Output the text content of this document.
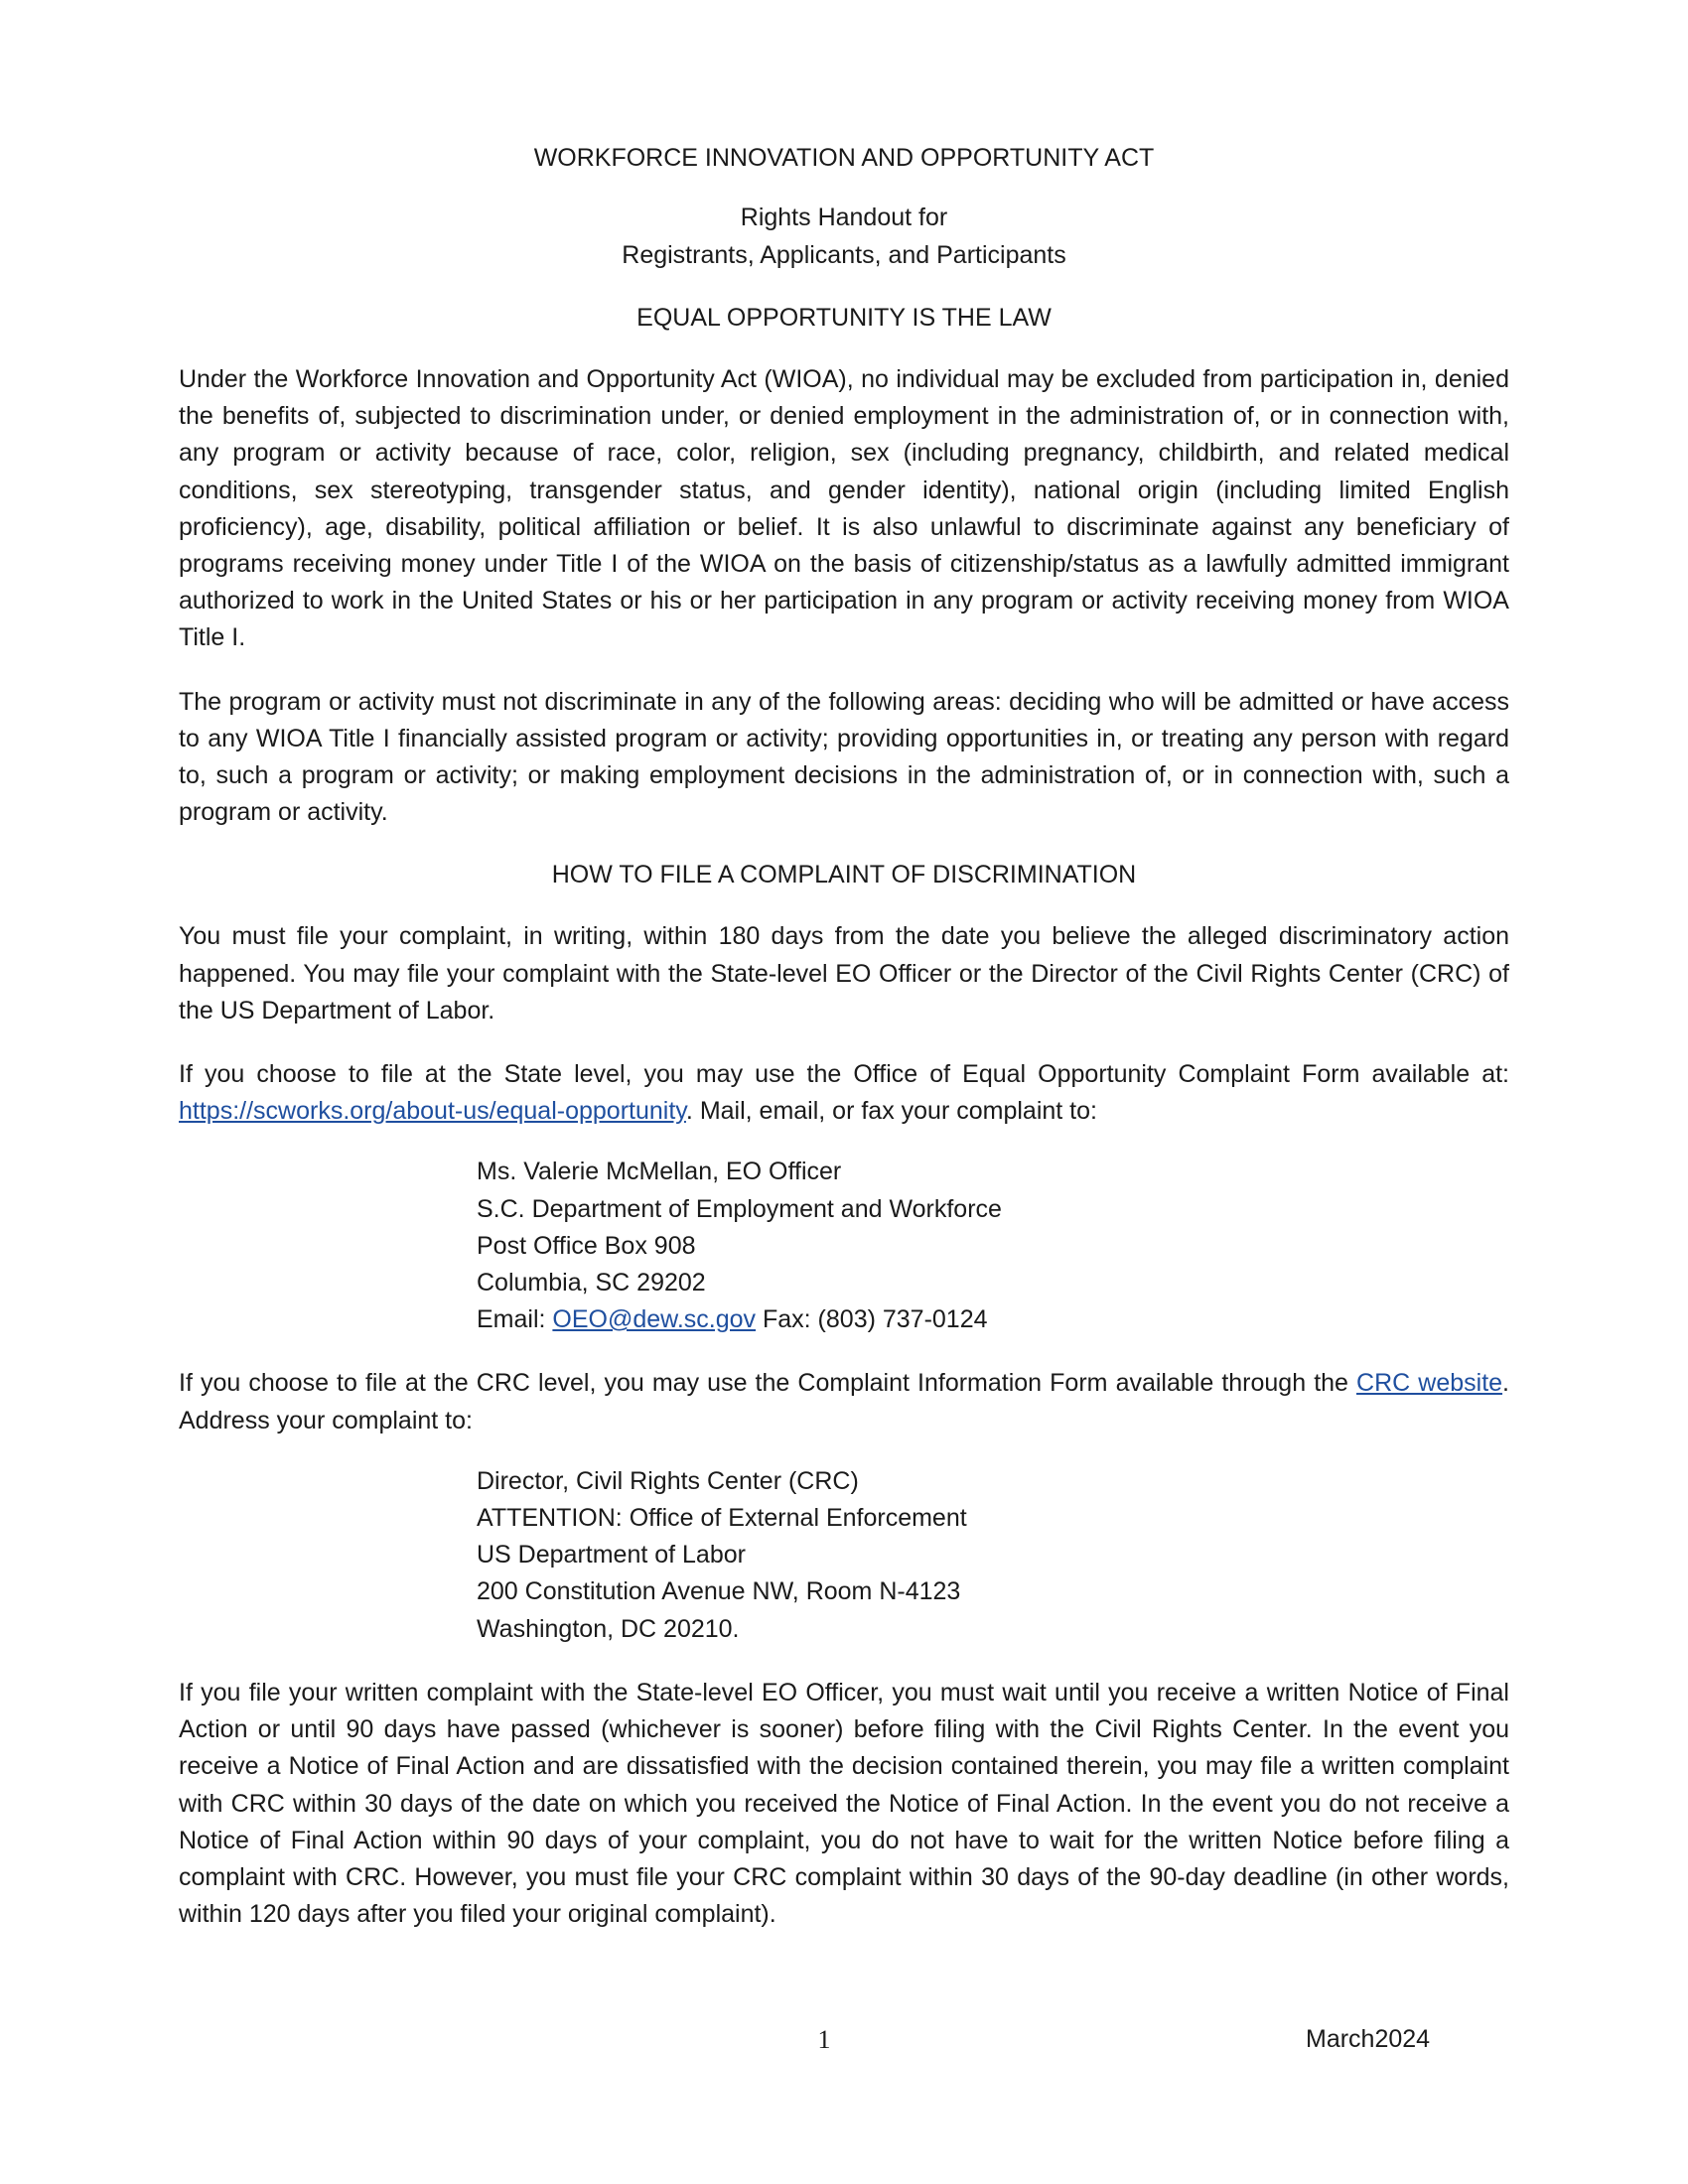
WORKFORCE INNOVATION AND OPPORTUNITY ACT

Rights Handout for

Registrants, Applicants, and Participants

EQUAL OPPORTUNITY IS THE LAW

Under the Workforce Innovation and Opportunity Act (WIOA), no individual may be excluded from participation in, denied the benefits of, subjected to discrimination under, or denied employment in the administration of, or in connection with, any program or activity because of race, color, religion, sex (including pregnancy, childbirth, and related medical conditions, sex stereotyping, transgender status, and gender identity), national origin (including limited English proficiency), age, disability, political affiliation or belief. It is also unlawful to discriminate against any beneficiary of programs receiving money under Title I of the WIOA on the basis of citizenship/status as a lawfully admitted immigrant authorized to work in the United States or his or her participation in any program or activity receiving money from WIOA Title I.

The program or activity must not discriminate in any of the following areas: deciding who will be admitted or have access to any WIOA Title I financially assisted program or activity; providing opportunities in, or treating any person with regard to, such a program or activity; or making employment decisions in the administration of, or in connection with, such a program or activity.

HOW TO FILE A COMPLAINT OF DISCRIMINATION

You must file your complaint, in writing, within 180 days from the date you believe the alleged discriminatory action happened. You may file your complaint with the State-level EO Officer or the Director of the Civil Rights Center (CRC) of the US Department of Labor.

If you choose to file at the State level, you may use the Office of Equal Opportunity Complaint Form available at: https://scworks.org/about-us/equal-opportunity. Mail, email, or fax your complaint to:

Ms. Valerie McMellan, EO Officer
S.C. Department of Employment and Workforce
Post Office Box 908
Columbia, SC 29202
Email: OEO@dew.sc.gov Fax: (803) 737-0124

If you choose to file at the CRC level, you may use the Complaint Information Form available through the CRC website. Address your complaint to:

Director, Civil Rights Center (CRC)
ATTENTION: Office of External Enforcement
US Department of Labor
200 Constitution Avenue NW, Room N-4123
Washington, DC 20210.

If you file your written complaint with the State-level EO Officer, you must wait until you receive a written Notice of Final Action or until 90 days have passed (whichever is sooner) before filing with the Civil Rights Center. In the event you receive a Notice of Final Action and are dissatisfied with the decision contained therein, you may file a written complaint with CRC within 30 days of the date on which you received the Notice of Final Action. In the event you do not receive a Notice of Final Action within 90 days of your complaint, you do not have to wait for the written Notice before filing a complaint with CRC. However, you must file your CRC complaint within 30 days of the 90-day deadline (in other words, within 120 days after you filed your original complaint).

1	March2024
